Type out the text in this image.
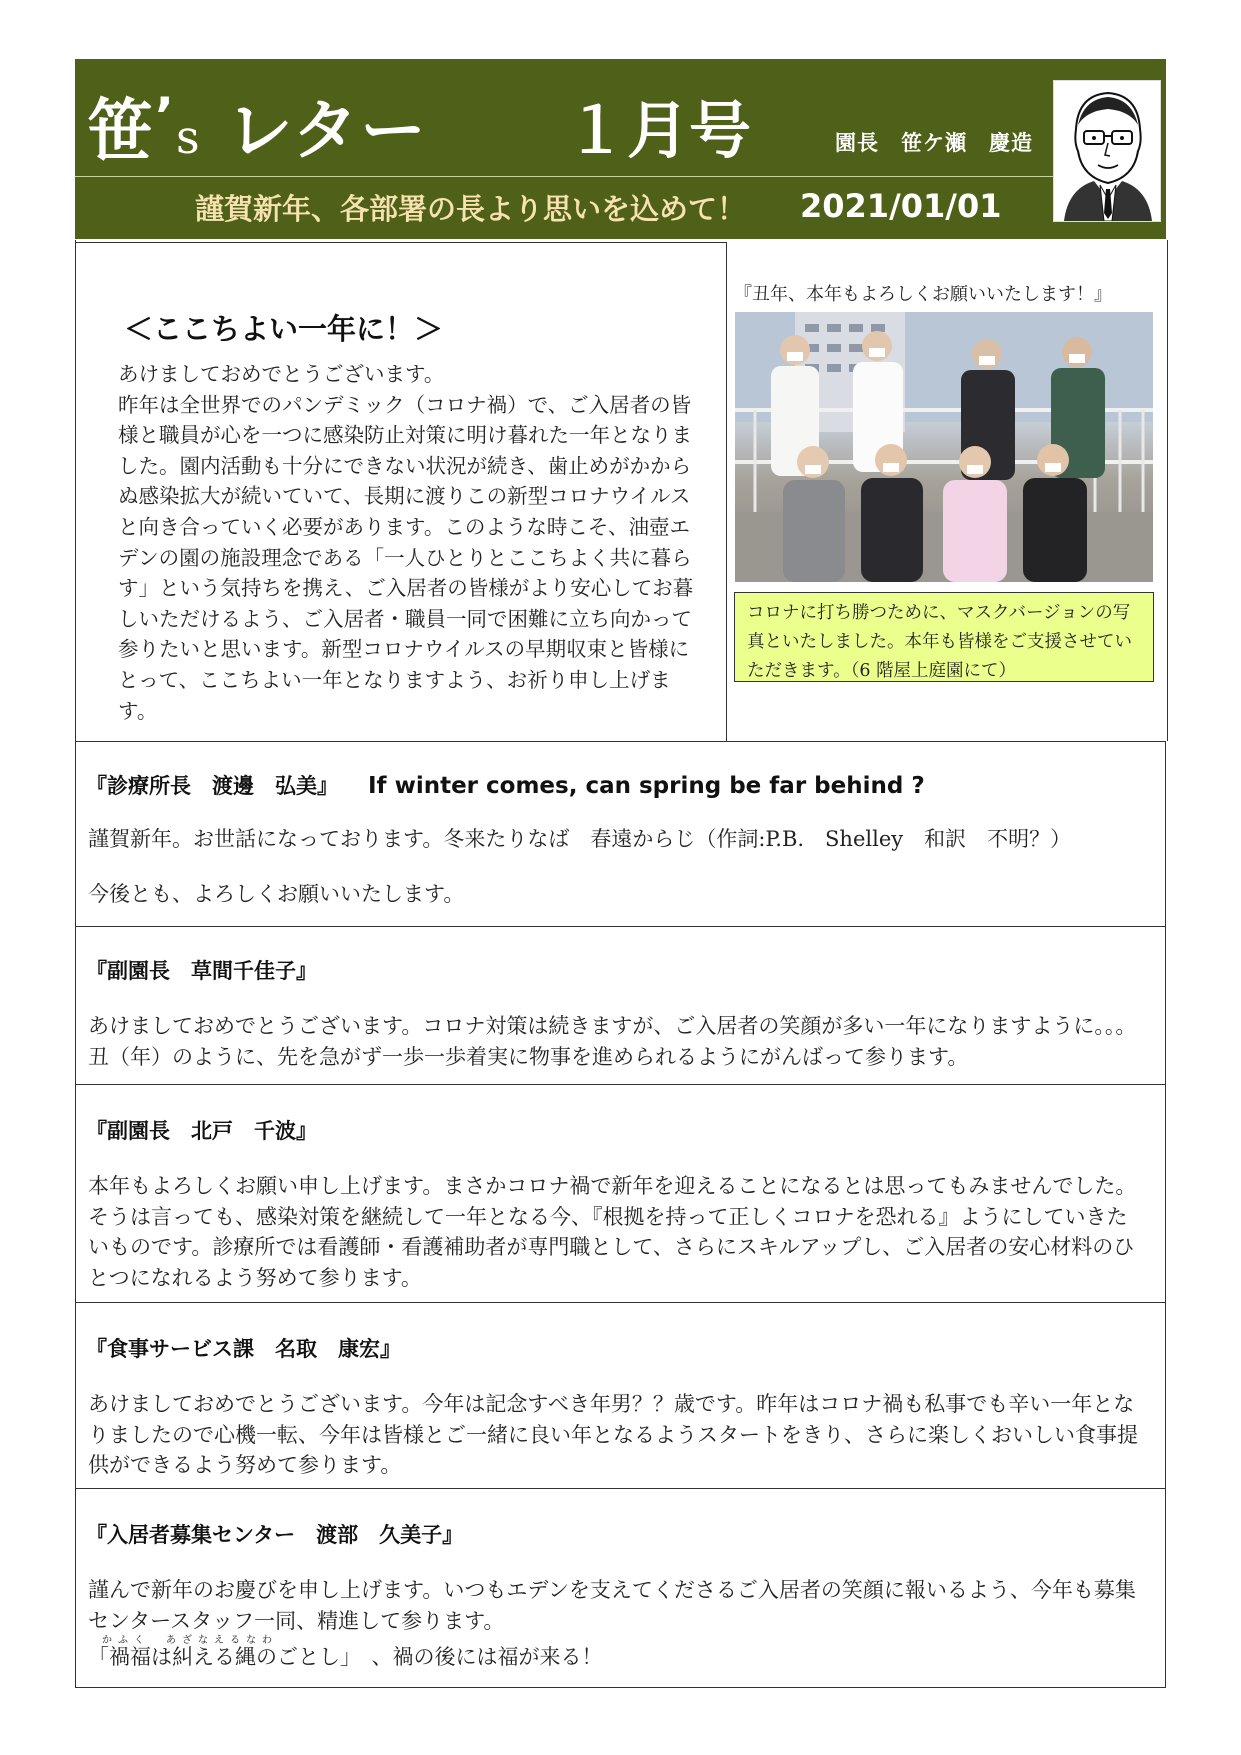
笹’s レター １月号	園長　笹ケ瀬　慶造
謹賀新年、各部署の長より思いを込めて！ 2021/01/01
＜ここちよい一年に！＞

あけましておめでとうございます。

昨年は全世界でのパンデミック（コロナ禍）で、ご入居者の皆様と職員が心を一つに感染防止対策に明け暮れた一年となりました。園内活動も十分にできない状況が続き、歯止めがかからぬ感染拡大が続いていて、長期に渡りこの新型コロナウイルスと向き合っていく必要があります。このような時こそ、油壺エデンの園の施設理念である「一人ひとりとここちよく共に暮らす」という気持ちを携え、ご入居者の皆様がより安心してお暮しいただけるよう、ご入居者・職員一同で困難に立ち向かって参りたいと思います。新型コロナウイルスの早期収束と皆様にとって、ここちよい一年となりますよう、お祈り申し上げます。

『丑年、本年もよろしくお願いいたします！』
コロナに打ち勝つために、マスクバージョンの写真といたしました。本年も皆様をご支援させていただきます。（6 階屋上庭園にて）
『診療所長　渡邊　弘美』 If winter comes, can spring be far behind ?

謹賀新年。お世話になっております。冬来たりなば　春遠からじ（作詞:P.B.　Shelley　和訳　不明？）

今後とも、よろしくお願いいたします。

『副園長　草間千佳子』

あけましておめでとうございます。コロナ対策は続きますが、ご入居者の笑顔が多い一年になりますように。。。丑（年）のように、先を急がず一歩一歩着実に物事を進められるようにがんばって参ります。

『副園長　北戸　千波』

本年もよろしくお願い申し上げます。まさかコロナ禍で新年を迎えることになるとは思ってもみませんでした。そうは言っても、感染対策を継続して一年となる今、『根拠を持って正しくコロナを恐れる』ようにしていきたいものです。診療所では看護師・看護補助者が専門職として、さらにスキルアップし、ご入居者の安心材料のひとつになれるよう努めて参ります。

『食事サービス課　名取　康宏』

あけましておめでとうございます。今年は記念すべき年男？？歳です。昨年はコロナ禍も私事でも辛い一年となりましたので心機一転、今年は皆様とご一緒に良い年となるようスタートをきり、さらに楽しくおいしい食事提供ができるよう努めて参ります。

『入居者募集センター　渡部　久美子』

謹んで新年のお慶びを申し上げます。いつもエデンを支えてくださるご入居者の笑顔に報いるよう、今年も募集センタースタッフ一同、精進して参ります。

かふく　あざなえるなわ
「禍福は糾える縄のごとし」　、禍の後には福が来る！
